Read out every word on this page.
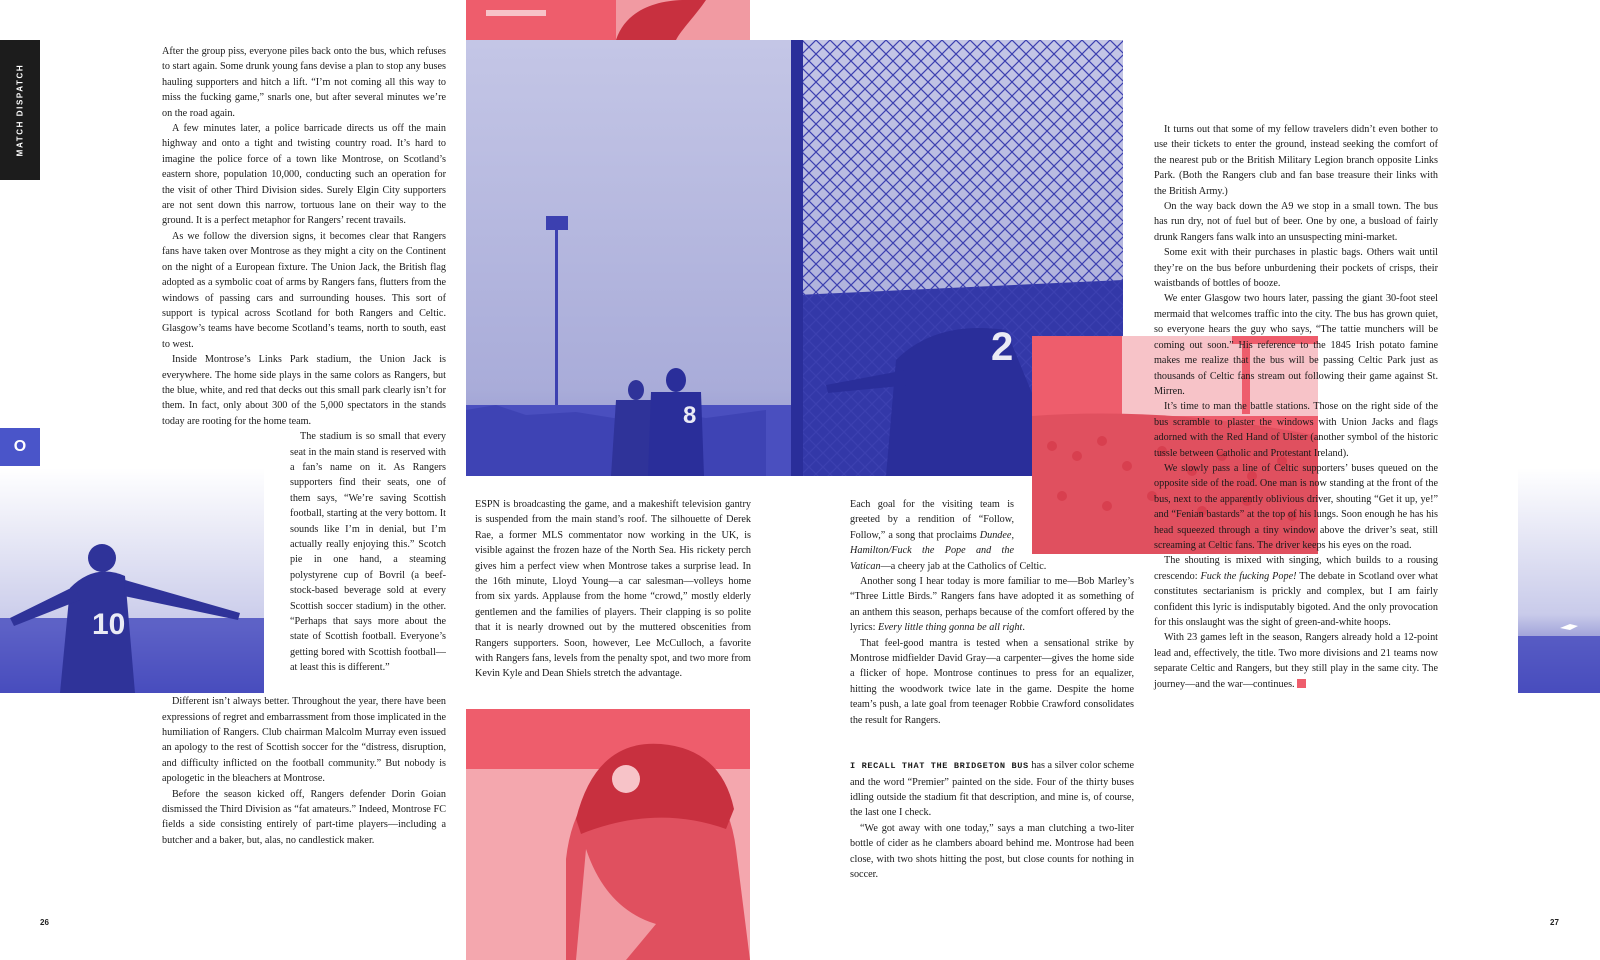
MATCH DISPATCH
O
10
8
2

After the group piss, everyone piles back onto the bus, which refuses to start again. Some drunk young fans devise a plan to stop any buses hauling supporters and hitch a lift. “I’m not coming all this way to miss the fucking game,” snarls one, but after several minutes we’re on the road again.

A few minutes later, a police barricade directs us off the main highway and onto a tight and twisting country road. It’s hard to imagine the police force of a town like Montrose, on Scotland’s eastern shore, population 10,000, conducting such an operation for the visit of other Third Division sides. Surely Elgin City supporters are not sent down this narrow, tortuous lane on their way to the ground. It is a perfect metaphor for Rangers’ recent travails.

As we follow the diversion signs, it becomes clear that Rangers fans have taken over Montrose as they might a city on the Continent on the night of a European fixture. The Union Jack, the British flag adopted as a symbolic coat of arms by Rangers fans, flutters from the windows of passing cars and surrounding houses. This sort of support is typical across Scotland for both Rangers and Celtic. Glasgow’s teams have become Scotland’s teams, north to south, east to west.

Inside Montrose’s Links Park stadium, the Union Jack is everywhere. The home side plays in the same colors as Rangers, but the blue, white, and red that decks out this small park clearly isn’t for them. In fact, only about 300 of the 5,000 spectators in the stands today are rooting for the home team.

The stadium is so small that every seat in the main stand is reserved with a fan’s name on it. As Rangers supporters find their seats, one of them says, “We’re saving Scottish football, starting at the very bottom. It sounds like I’m in denial, but I’m actually really enjoying this.” Scotch pie in one hand, a steaming polystyrene cup of Bovril (a beef-stock-based beverage sold at every Scottish soccer stadium) in the other. “Perhaps that says more about the state of Scottish football. Everyone’s getting bored with Scottish football—at least this is different.”

Different isn’t always better. Throughout the year, there have been expressions of regret and embarrassment from those implicated in the humiliation of Rangers. Club chairman Malcolm Murray even issued an apology to the rest of Scottish soccer for the “distress, disruption, and difficulty inflicted on the football community.” But nobody is apologetic in the bleachers at Montrose.

Before the season kicked off, Rangers defender Dorin Goian dismissed the Third Division as “fat amateurs.” Indeed, Montrose FC fields a side consisting entirely of part-time players—including a butcher and a baker, but, alas, no candlestick maker.

ESPN is broadcasting the game, and a makeshift television gantry is suspended from the main stand’s roof. The silhouette of Derek Rae, a former MLS commentator now working in the UK, is visible against the frozen haze of the North Sea. His rickety perch gives him a perfect view when Montrose takes a surprise lead. In the 16th minute, Lloyd Young—a car salesman—volleys home from six yards. Applause from the home “crowd,” mostly elderly gentlemen and the families of players. Their clapping is so polite that it is nearly drowned out by the muttered obscenities from Rangers supporters. Soon, however, Lee McCulloch, a favorite with Rangers fans, levels from the penalty spot, and two more from Kevin Kyle and Dean Shiels stretch the advantage.

Each goal for the visiting team is greeted by a rendition of “Follow, Follow,” a song that proclaims Dundee, Hamilton/Fuck the Pope and the Vatican—a cheery jab at the Catholics of Celtic.

Another song I hear today is more familiar to me—Bob Marley’s “Three Little Birds.” Rangers fans have adopted it as something of an anthem this season, perhaps because of the comfort offered by the lyrics: Every little thing gonna be all right.

That feel-good mantra is tested when a sensational strike by Montrose midfielder David Gray—a carpenter—gives the home side a flicker of hope. Montrose continues to press for an equalizer, hitting the woodwork twice late in the game. Despite the home team’s push, a late goal from teenager Robbie Crawford consolidates the result for Rangers.

I RECALL THAT THE BRIDGETON BUS has a silver color scheme and the word “Premier” painted on the side. Four of the thirty buses idling outside the stadium fit that description, and mine is, of course, the last one I check.

“We got away with one today,” says a man clutching a two-liter bottle of cider as he clambers aboard behind me. Montrose had been close, with two shots hitting the post, but close counts for nothing in soccer.

It turns out that some of my fellow travelers didn’t even bother to use their tickets to enter the ground, instead seeking the comfort of the nearest pub or the British Military Legion branch opposite Links Park. (Both the Rangers club and fan base treasure their links with the British Army.)

On the way back down the A9 we stop in a small town. The bus has run dry, not of fuel but of beer. One by one, a busload of fairly drunk Rangers fans walk into an unsuspecting mini-market.

Some exit with their purchases in plastic bags. Others wait until they’re on the bus before unburdening their pockets of crisps, their waistbands of bottles of booze.

We enter Glasgow two hours later, passing the giant 30-foot steel mermaid that welcomes traffic into the city. The bus has grown quiet, so everyone hears the guy who says, “The tattie munchers will be coming out soon.” His reference to the 1845 Irish potato famine makes me realize that the bus will be passing Celtic Park just as thousands of Celtic fans stream out following their game against St. Mirren.

It’s time to man the battle stations. Those on the right side of the bus scramble to plaster the windows with Union Jacks and flags adorned with the Red Hand of Ulster (another symbol of the historic tussle between Catholic and Protestant Ireland).

We slowly pass a line of Celtic supporters’ buses queued on the opposite side of the road. One man is now standing at the front of the bus, next to the apparently oblivious driver, shouting “Get it up, ye!” and “Fenian bastards” at the top of his lungs. Soon enough he has his head squeezed through a tiny window above the driver’s seat, still screaming at Celtic fans. The driver keeps his eyes on the road.

The shouting is mixed with singing, which builds to a rousing crescendo: Fuck the fucking Pope! The debate in Scotland over what constitutes sectarianism is prickly and complex, but I am fairly confident this lyric is indisputably bigoted. And the only provocation for this onslaught was the sight of green-and-white hoops.

With 23 games left in the season, Rangers already hold a 12-point lead and, effectively, the title. Two more divisions and 21 teams now separate Celtic and Rangers, but they still play in the same city. The journey—and the war—continues.

26	27
